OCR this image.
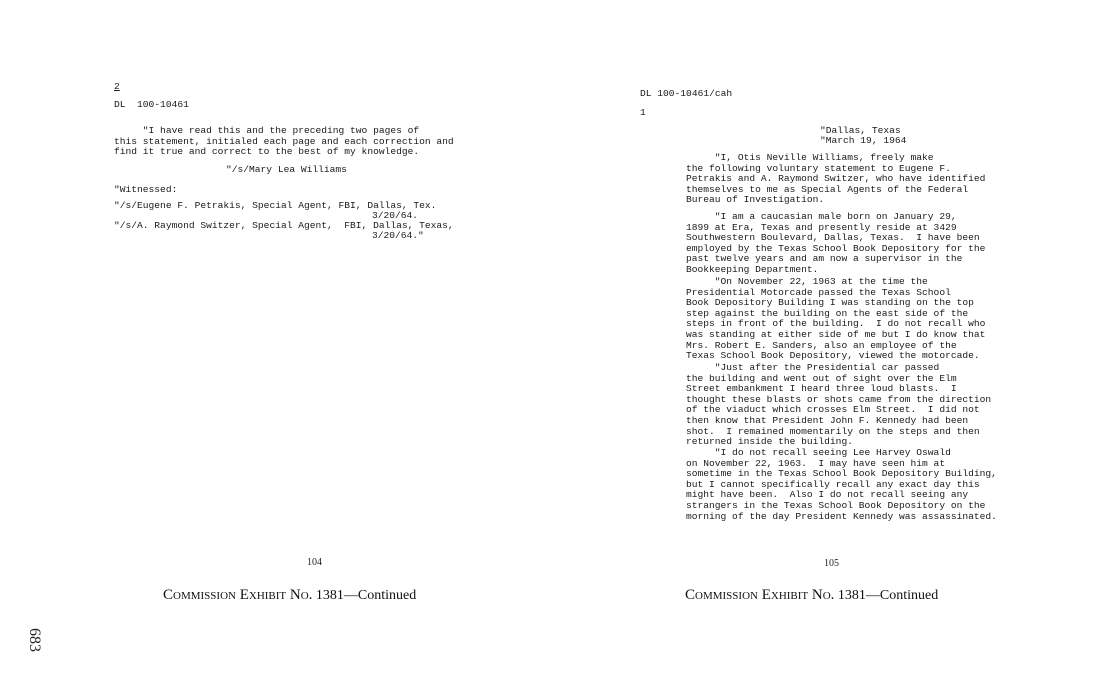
2
DL  100-10461
"I have read this and the preceding two pages of
this statement, initialed each page and each correction and
find it true and correct to the best of my knowledge.
"/s/Mary Lea Williams
"Witnessed:
"/s/Eugene F. Petrakis, Special Agent, FBI, Dallas, Tex.
3/20/64.
"/s/A. Raymond Switzer, Special Agent,  FBI, Dallas, Texas,
3/20/64."
104
Commission Exhibit No. 1381—Continued
DL 100-10461/cah
1
"Dallas, Texas
"March 19, 1964
"I, Otis Neville Williams, freely make
the following voluntary statement to Eugene F.
Petrakis and A. Raymond Switzer, who have identified
themselves to me as Special Agents of the Federal
Bureau of Investigation.
"I am a caucasian male born on January 29,
1899 at Era, Texas and presently reside at 3429
Southwestern Boulevard, Dallas, Texas.  I have been
employed by the Texas School Book Depository for the
past twelve years and am now a supervisor in the
Bookkeeping Department.
"On November 22, 1963 at the time the
Presidential Motorcade passed the Texas School
Book Depository Building I was standing on the top
step against the building on the east side of the
steps in front of the building.  I do not recall who
was standing at either side of me but I do know that
Mrs. Robert E. Sanders, also an employee of the
Texas School Book Depository, viewed the motorcade.
"Just after the Presidential car passed
the building and went out of sight over the Elm
Street embankment I heard three loud blasts.  I
thought these blasts or shots came from the direction
of the viaduct which crosses Elm Street.  I did not
then know that President John F. Kennedy had been
shot.  I remained momentarily on the steps and then
returned inside the building.
"I do not recall seeing Lee Harvey Oswald
on November 22, 1963.  I may have seen him at
sometime in the Texas School Book Depository Building,
but I cannot specifically recall any exact day this
might have been.  Also I do not recall seeing any
strangers in the Texas School Book Depository on the
morning of the day President Kennedy was assassinated.
105
Commission Exhibit No. 1381—Continued
683
